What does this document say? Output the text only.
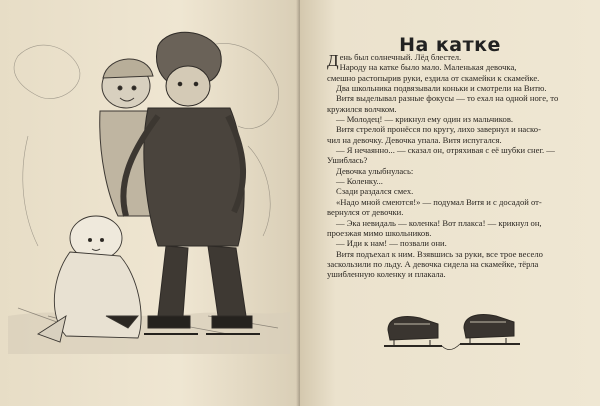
На катке
Д ень был солнечный. Лёд блестел.
Народу на катке было мало. Маленькая девочка,
смешно растопырив руки, ездила от скамейки к скамейке.
Два школьника подвязывали коньки и смотрели на Витю.
Витя выделывал разные фокусы — то ехал на одной ноге, то
кружился волчком.
— Молодец! — крикнул ему один из мальчиков.
Витя стрелой пронёсся по кругу, лихо завернул и наско-
чил на девочку. Девочка упала. Витя испугался.
— Я нечаянно... — сказал он, отряхивая с её шубки снег. —
Ушиблась?
Девочка улыбнулась:
— Коленку...
Сзади раздался смех.
«Надо мной смеются!» — подумал Витя и с досадой от-
вернулся от девочки.
— Эка невидаль — коленка! Вот плакса! — крикнул он,
проезжая мимо школьников.
— Иди к нам! — позвали они.
Витя подъехал к ним. Взявшись за руки, все трое весело
заскользили по льду. А девочка сидела на скамейке, тёрла
ушибленную коленку и плакала.
